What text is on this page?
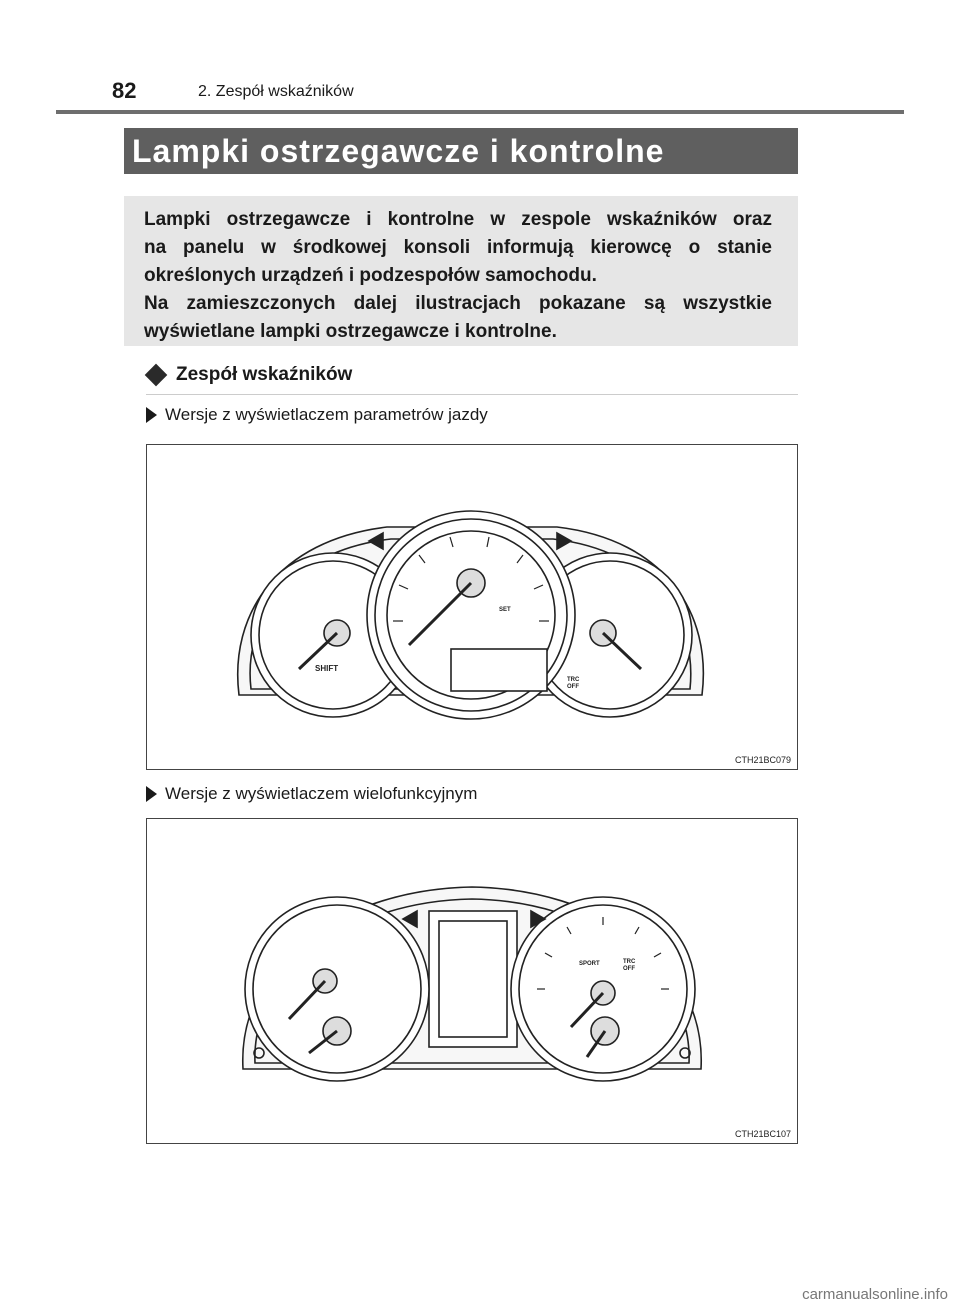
82	2. Zespół wskaźników
Lampki ostrzegawcze i kontrolne

Lampki ostrzegawcze i kontrolne w zespole wskaźników oraz

na panelu w środkowej konsoli informują kierowcę o stanie

określonych urządzeń i podzespołów samochodu.

Na zamieszczonych dalej ilustracjach pokazane są wszystkie

wyświetlane lampki ostrzegawcze i kontrolne.

Zespół wskaźników
Wersje z wyświetlaczem parametrów jazdy
SHIFT
SET
TRC
OFF
CTH21BC079
Wersje z wyświetlaczem wielofunkcyjnym
SPORT	TRC
OFF
CTH21BC107
carmanualsonline.info
